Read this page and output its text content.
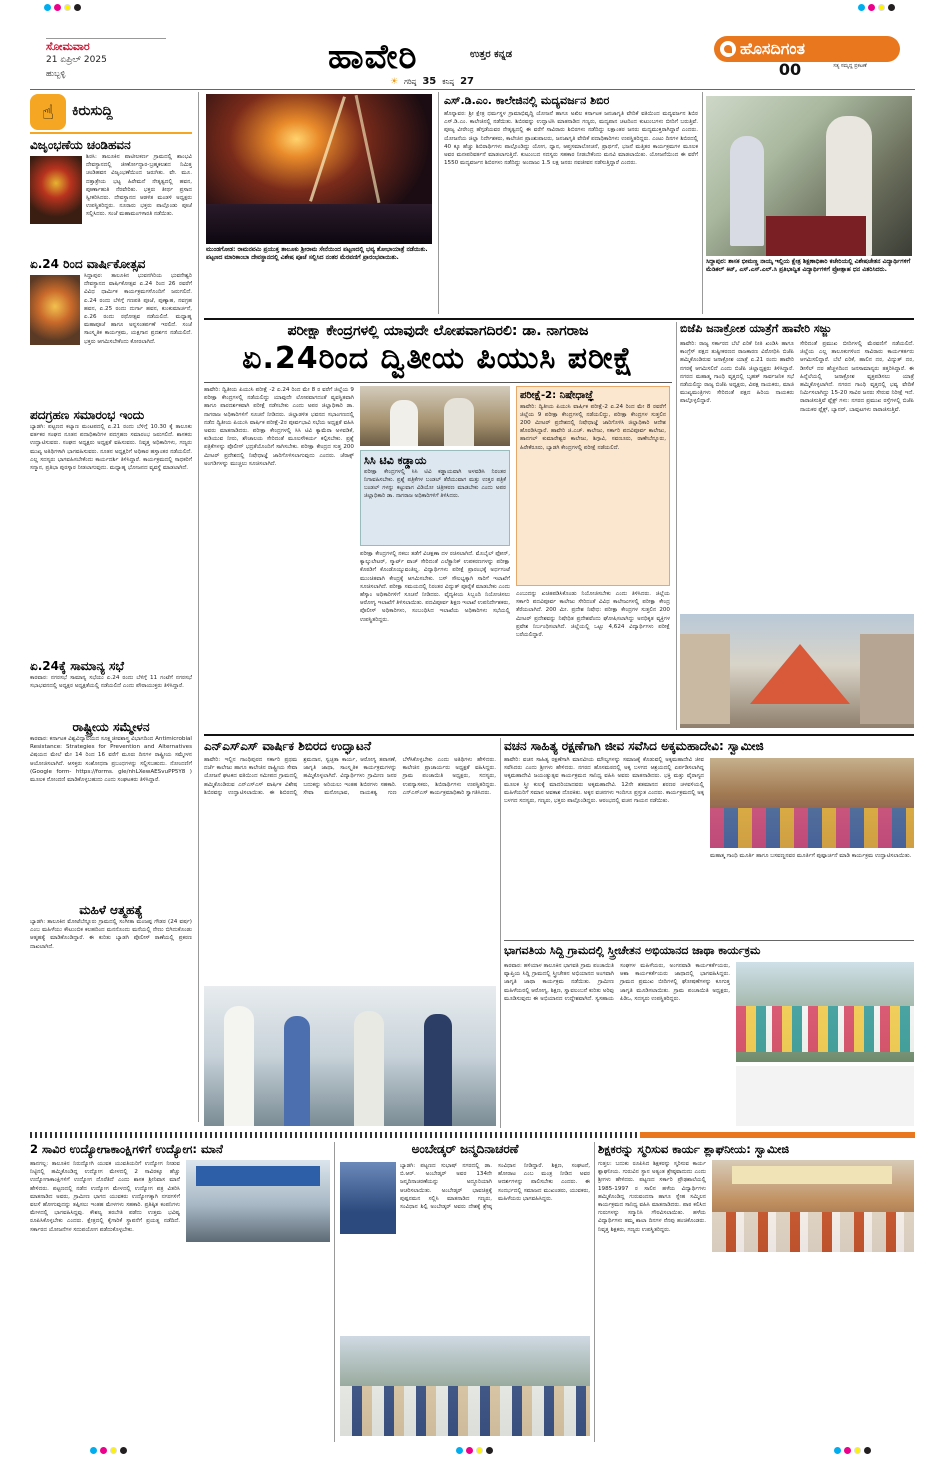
ಸೋಮವಾರ
21 ಏಪ್ರಿಲ್ 2025
ಹುಬ್ಬಳ್ಳಿ	ಹಾವೇರಿ	ಉತ್ತರ ಕನ್ನಡ
☀ ಗರಿಷ್ಠ 35 ಕನಿಷ್ಠ 27
ಹೊಸದಿಗಂತ
ಸತ್ಯ ಸಮೃದ್ಧ ಪ್ರಕಟಣೆ
00
☝	ಕಿರುಸುದ್ದಿ
ವಿಜೃಂಭಣೆಯ ಚಂಡಿಹವನ
ಶಿರಸಿ: ತಾಲೂಕಿನ ಪಾಟೀಲಕರ್ಣ ಗ್ರಾಮದಲ್ಲಿ ಶಾಂಭವಿ ದೇವಸ್ಥಾನದಲ್ಲಿ ಜೀರ್ಣೋದ್ಧಾರ-ಬ್ರಹ್ಮಕಲಶದ ನಿಮಿತ್ತ ಚಂಡಿಹವನ ವಿಜೃಂಭಣೆಯಿಂದ ಜರುಗಿತು. ವೇ. ಮೂ. ದತ್ತಾತ್ರೇಯ ಭಟ್ಟ ಹಿರೇಮನೆ ನೇತೃತ್ವದಲ್ಲಿ ಹವನ, ಪೂರ್ಣಾಹುತಿ ನೆರವೇರಿತು. ಭಕ್ತರು ತೀರ್ಥ ಪ್ರಸಾದ ಸ್ವೀಕರಿಸಿದರು. ದೇವಸ್ಥಾನದ ಆಡಳಿತ ಮಂಡಳಿ ಅಧ್ಯಕ್ಷರು ಉಪಸ್ಥಿತರಿದ್ದರು. ನೂರಾರು ಭಕ್ತರು ಪಾಲ್ಗೊಂಡು ಪೂಜೆ ಸಲ್ಲಿಸಿದರು. ಸಂಜೆ ಮಹಾಮಂಗಳಾರತಿ ನಡೆಯಿತು.
ಏ.24 ರಿಂದ ವಾರ್ಷಿಕೋತ್ಸವ
ಸಿದ್ದಾಪುರ: ತಾಲೂಕಿನ ಭುವನಗಿರಿಯ ಭುವನೇಶ್ವರಿ ದೇವಸ್ಥಾನದ ವಾರ್ಷಿಕೋತ್ಸವ ಏ.24 ರಿಂದ 26 ರವರೆಗೆ ವಿವಿಧ ಧಾರ್ಮಿಕ ಕಾರ್ಯಕ್ರಮಗಳೊಂದಿಗೆ ಜರುಗಲಿದೆ. ಏ.24 ರಂದು ಬೆಳಿಗ್ಗೆ ಗಣಪತಿ ಪೂಜೆ, ಪುಣ್ಯಾಹ, ನವಗ್ರಹ ಹವನ, ಏ.25 ರಂದು ದುರ್ಗಾ ಹವನ, ಕುಂಕುಮಾರ್ಚನೆ, ಏ.26 ರಂದು ರಥೋತ್ಸವ ನಡೆಯಲಿದೆ. ಮಧ್ಯಾಹ್ನ ಮಹಾಪೂಜೆ ಹಾಗೂ ಅನ್ನಸಂತರ್ಪಣೆ ಇರಲಿದೆ. ಸಂಜೆ ಸಾಂಸ್ಕೃತಿಕ ಕಾರ್ಯಕ್ರಮ, ಯಕ್ಷಗಾನ ಪ್ರದರ್ಶನ ನಡೆಯಲಿದೆ. ಭಕ್ತರು ಆಗಮಿಸಬೇಕೆಂದು ಕೋರಲಾಗಿದೆ.
ಪದಗ್ರಹಣ ಸಮಾರಂಭ ಇಂದು
ಬ್ಯಾಡಗಿ: ಪಟ್ಟಣದ ಕಲ್ಯಾಣ ಮಂಟಪದಲ್ಲಿ ಏ.21 ರಂದು ಬೆಳಿಗ್ಗೆ 10.30 ಕ್ಕೆ ತಾಲೂಕು ವರ್ತಕರ ಸಂಘದ ನೂತನ ಪದಾಧಿಕಾರಿಗಳ ಪದಗ್ರಹಣ ಸಮಾರಂಭ ಜರುಗಲಿದೆ. ಶಾಸಕರು ಉದ್ಘಾಟಿಸುವರು. ಸಂಘದ ಅಧ್ಯಕ್ಷರು ಅಧ್ಯಕ್ಷತೆ ವಹಿಸುವರು. ನಿವೃತ್ತ ಅಧಿಕಾರಿಗಳು, ಗಣ್ಯರು ಮುಖ್ಯ ಅತಿಥಿಗಳಾಗಿ ಭಾಗವಹಿಸುವರು. ನೂತನ ಅಧ್ಯಕ್ಷರಿಗೆ ಅಧಿಕಾರ ಹಸ್ತಾಂತರ ನಡೆಯಲಿದೆ. ಎಲ್ಲ ಸದಸ್ಯರು ಭಾಗವಹಿಸಬೇಕೆಂದು ಕಾರ್ಯದರ್ಶಿ ತಿಳಿಸಿದ್ದಾರೆ. ಕಾರ್ಯಕ್ರಮದಲ್ಲಿ ಸಾಧಕರಿಗೆ ಸನ್ಮಾನ, ಪ್ರತಿಭಾ ಪುರಸ್ಕಾರ ನೀಡಲಾಗುವುದು. ಮಧ್ಯಾಹ್ನ ಭೋಜನದ ವ್ಯವಸ್ಥೆ ಮಾಡಲಾಗಿದೆ.
ಏ.24ಕ್ಕೆ ಸಾಮಾನ್ಯ ಸಭೆ
ಕಾರವಾರ: ನಗರಸಭೆ ಸಾಮಾನ್ಯ ಸಭೆಯು ಏ.24 ರಂದು ಬೆಳಿಗ್ಗೆ 11 ಗಂಟೆಗೆ ನಗರಸಭೆ ಸಭಾಭವನದಲ್ಲಿ ಅಧ್ಯಕ್ಷರ ಅಧ್ಯಕ್ಷತೆಯಲ್ಲಿ ನಡೆಯಲಿದೆ ಎಂದು ಪೌರಾಯುಕ್ತರು ತಿಳಿಸಿದ್ದಾರೆ.
ರಾಷ್ಟ್ರೀಯ ಸಮ್ಮೇಳನ
ಕಾರವಾರ: ಕರ್ನಾಟಕ ವಿಶ್ವವಿದ್ಯಾಲಯದ ಸೂಕ್ಷ್ಮಜೀವಶಾಸ್ತ್ರ ವಿಭಾಗದಿಂದ Antimicrobial Resistance: Strategies for Prevention and Alternatives ವಿಷಯದ ಮೇಲೆ ಮೇ 14 ರಿಂದ 16 ವರೆಗೆ ಮೂರು ದಿನಗಳ ರಾಷ್ಟ್ರೀಯ ಸಮ್ಮೇಳನ ಆಯೋಜಿಸಲಾಗಿದೆ. ಆಸಕ್ತರು ಸಂಶೋಧನಾ ಪ್ರಬಂಧಗಳನ್ನು ಸಲ್ಲಿಸಬಹುದು. ನೋಂದಣಿಗೆ (Google form- https://forms. gle/nhLXewAESvuPP5Y8 ) ಮೂಲಕ ನೋಂದಣಿ ಮಾಡಿಕೊಳ್ಳಬಹುದು ಎಂದು ಸಂಘಟಕರು ತಿಳಿಸಿದ್ದಾರೆ.
ಮಹಿಳೆ ಆತ್ಮಹತ್ಯೆ
ಬ್ಯಾಡಗಿ: ತಾಲೂಕಿನ ಮೋಟೆಬೆನ್ನೂರು ಗ್ರಾಮದಲ್ಲಿ ಸಂಗೀತಾ ಮಂಜಪ್ಪ ಗೌಡರ (24 ವರ್ಷ) ಎಂಬ ಮಹಿಳೆಯು ಕೌಟುಂಬಿಕ ಕಲಹದಿಂದ ಮನನೊಂದು ಮನೆಯಲ್ಲಿ ನೇಣು ಬಿಗಿದುಕೊಂಡು ಆತ್ಮಹತ್ಯೆ ಮಾಡಿಕೊಂಡಿದ್ದಾರೆ. ಈ ಕುರಿತು ಬ್ಯಾಡಗಿ ಪೊಲೀಸ್ ಠಾಣೆಯಲ್ಲಿ ಪ್ರಕರಣ ದಾಖಲಾಗಿದೆ.
ಮುಂಡಗೋಡ: ರಾಮನವಮಿ ಪ್ರಯುಕ್ತ ತಾಲೂಕು ಶ್ರೀರಾಮ ಸೇನೆಯಿಂದ ಪಟ್ಟಣದಲ್ಲಿ ಭವ್ಯ ಶೋಭಾಯಾತ್ರೆ ನಡೆಯಿತು. ಪಟ್ಟಣದ ಮಾರಿಕಾಂಬಾ ದೇವಸ್ಥಾನದಲ್ಲಿ ವಿಶೇಷ ಪೂಜೆ ಸಲ್ಲಿಸಿದ ನಂತರ ಮೆರವಣಿಗೆ ಪ್ರಾರಂಭವಾಯಿತು.
ಎಸ್.ಡಿ.ಎಂ. ಕಾಲೇಜಿನಲ್ಲಿ ಮದ್ಯವರ್ಜನ ಶಿಬಿರ
ಹೊನ್ನಾವರ: ಶ್ರೀ ಕ್ಷೇತ್ರ ಧರ್ಮಸ್ಥಳ ಗ್ರಾಮಾಭಿವೃದ್ಧಿ ಯೋಜನೆ ಹಾಗೂ ಅಖಿಲ ಕರ್ನಾಟಕ ಜನಜಾಗೃತಿ ವೇದಿಕೆ ವತಿಯಿಂದ ಮದ್ಯವರ್ಜನ ಶಿಬಿರ ಎಸ್.ಡಿ.ಎಂ. ಕಾಲೇಜಿನಲ್ಲಿ ನಡೆಯಿತು. ಶಿಬಿರವನ್ನು ಉದ್ಘಾಟಿಸಿ ಮಾತನಾಡಿದ ಗಣ್ಯರು, ಮದ್ಯಪಾನ ಚಟದಿಂದ ಕುಟುಂಬಗಳು ಬೀದಿಗೆ ಬರುತ್ತಿವೆ. ಪೂಜ್ಯ ವೀರೇಂದ್ರ ಹೆಗ್ಗಡೆಯವರ ನೇತೃತ್ವದಲ್ಲಿ ಈ ವರೆಗೆ ಸಾವಿರಾರು ಶಿಬಿರಗಳು ನಡೆದಿದ್ದು ಲಕ್ಷಾಂತರ ಜನರು ಮದ್ಯಮುಕ್ತರಾಗಿದ್ದಾರೆ ಎಂದರು. ಯೋಜನೆಯ ಜಿಲ್ಲಾ ನಿರ್ದೇಶಕರು, ಕಾಲೇಜಿನ ಪ್ರಾಂಶುಪಾಲರು, ಜನಜಾಗೃತಿ ವೇದಿಕೆ ಪದಾಧಿಕಾರಿಗಳು ಉಪಸ್ಥಿತರಿದ್ದರು. ಎಂಟು ದಿನಗಳ ಶಿಬಿರದಲ್ಲಿ 40 ಕ್ಕೂ ಹೆಚ್ಚು ಶಿಬಿರಾರ್ಥಿಗಳು ಪಾಲ್ಗೊಂಡಿದ್ದು ಯೋಗ, ಧ್ಯಾನ, ಆಪ್ತಸಮಾಲೋಚನೆ, ಪ್ರಾರ್ಥನೆ, ಭಜನೆ ಮತ್ತಿತರ ಕಾರ್ಯಕ್ರಮಗಳ ಮೂಲಕ ಅವರ ಮನಃಪರಿವರ್ತನೆ ಮಾಡಲಾಗುತ್ತಿದೆ. ಕುಟುಂಬದ ಸದಸ್ಯರು ಸಹಕಾರ ನೀಡಬೇಕೆಂದು ಮನವಿ ಮಾಡಲಾಯಿತು. ಯೋಜನೆಯಿಂದ ಈ ವರೆಗೆ 1550 ಮದ್ಯವರ್ಜನ ಶಿಬಿರಗಳು ನಡೆದಿದ್ದು ಅಂದಾಜು 1.5 ಲಕ್ಷ ಜನರು ನವಜೀವನ ನಡೆಸುತ್ತಿದ್ದಾರೆ ಎಂದರು.
ಸಿದ್ದಾಪುರ: ಶಾಸಕ ಭೀಮಣ್ಣ ನಾಯ್ಕ ಇಲ್ಲಿಯ ಕ್ಷೇತ್ರ ಶಿಕ್ಷಣಾಧಿಕಾರಿ ಕಚೇರಿಯಲ್ಲಿ ವಿಶೇಷಚೇತನ ವಿದ್ಯಾರ್ಥಿಗಳಿಗೆ ಮೆಡಿಕಲ್ ಕಿಟ್, ಎಸ್.ಎಸ್.ಎಲ್.ಸಿ ಪ್ರತಿಭಾನ್ವಿತ ವಿದ್ಯಾರ್ಥಿಗಳಿಗೆ ಪ್ರೋತ್ಸಾಹ ಧನ ವಿತರಿಸಿದರು.
ಪರೀಕ್ಷಾ ಕೇಂದ್ರಗಳಲ್ಲಿ ಯಾವುದೇ ಲೋಪವಾಗದಿರಲಿ: ಡಾ. ನಾಗರಾಜ
ಏ.24ರಿಂದ ದ್ವಿತೀಯ ಪಿಯುಸಿ ಪರೀಕ್ಷೆ
ಹಾವೇರಿ: ದ್ವಿತೀಯ ಪಿಯುಸಿ ಪರೀಕ್ಷೆ -2 ಏ.24 ರಿಂದ ಮೇ 8 ರ ವರೆಗೆ ಜಿಲ್ಲೆಯ 9 ಪರೀಕ್ಷಾ ಕೇಂದ್ರಗಳಲ್ಲಿ ನಡೆಯಲಿದ್ದು ಯಾವುದೇ ಲೋಪವಾಗದಂತೆ ವ್ಯವಸ್ಥಿತವಾಗಿ ಹಾಗೂ ಪಾರದರ್ಶಕವಾಗಿ ಪರೀಕ್ಷೆ ನಡೆಸಬೇಕು ಎಂದು ಅಪರ ಜಿಲ್ಲಾಧಿಕಾರಿ ಡಾ. ನಾಗರಾಜ ಅಧಿಕಾರಿಗಳಿಗೆ ಸೂಚನೆ ನೀಡಿದರು. ಜಿಲ್ಲಾಡಳಿತ ಭವನದ ಸಭಾಂಗಣದಲ್ಲಿ ನಡೆದ ದ್ವಿತೀಯ ಪಿಯುಸಿ ವಾರ್ಷಿಕ ಪರೀಕ್ಷೆ-2ರ ಪೂರ್ವಭಾವಿ ಸಭೆಯ ಅಧ್ಯಕ್ಷತೆ ವಹಿಸಿ ಅವರು ಮಾತನಾಡಿದರು. ಪರೀಕ್ಷಾ ಕೇಂದ್ರಗಳಲ್ಲಿ ಸಿಸಿ ಟಿವಿ ಕ್ಯಾಮೆರಾ ಅಳವಡಿಕೆ, ಕುಡಿಯುವ ನೀರು, ಶೌಚಾಲಯ ಸೇರಿದಂತೆ ಮೂಲಸೌಕರ್ಯ ಕಲ್ಪಿಸಬೇಕು. ಪ್ರಶ್ನೆ ಪತ್ರಿಕೆಗಳನ್ನು ಪೊಲೀಸ್ ಭದ್ರತೆಯೊಂದಿಗೆ ಸಾಗಿಸಬೇಕು. ಪರೀಕ್ಷಾ ಕೇಂದ್ರದ ಸುತ್ತ 200 ಮೀಟರ್ ಪ್ರದೇಶದಲ್ಲಿ ನಿಷೇಧಾಜ್ಞೆ ಜಾರಿಗೊಳಿಸಲಾಗುವುದು ಎಂದರು. ಜೆರಾಕ್ಸ್ ಅಂಗಡಿಗಳನ್ನು ಮುಚ್ಚಲು ಸೂಚಿಸಲಾಗಿದೆ.	ಸಿಸಿ ಟಿವಿ ಕಡ್ಡಾಯ
ಪರೀಕ್ಷಾ ಕೇಂದ್ರಗಳಲ್ಲಿ ಸಿಸಿ ಟಿವಿ ಕಡ್ಡಾಯವಾಗಿ ಅಳವಡಿಸಿ ನಿರಂತರ ನಿಗಾವಹಿಸಬೇಕು. ಪ್ರಶ್ನೆ ಪತ್ರಿಕೆಗಳ ಬಂಡಲ್ ತೆರೆಯುವಾಗ ಮತ್ತು ಉತ್ತರ ಪತ್ರಿಕೆ ಬಂಡಲ್ ಗಳನ್ನು ಕಟ್ಟುವಾಗ ವಿಡಿಯೋ ಚಿತ್ರೀಕರಣ ಮಾಡಬೇಕು ಎಂದು ಅಪರ ಜಿಲ್ಲಾಧಿಕಾರಿ ಡಾ. ನಾಗರಾಜ ಅಧಿಕಾರಿಗಳಿಗೆ ತಿಳಿಸಿದರು.
ಪರೀಕ್ಷಾ ಕೇಂದ್ರಗಳಲ್ಲಿ ನಕಲು ತಡೆಗೆ ವಿಚಕ್ಷಣಾ ದಳ ರಚಿಸಲಾಗಿದೆ. ಮೊಬೈಲ್ ಫೋನ್, ಕ್ಯಾಲ್ಕುಲೇಟರ್, ಸ್ಮಾರ್ಟ್ ವಾಚ್ ಸೇರಿದಂತೆ ಎಲೆಕ್ಟ್ರಾನಿಕ್ ಉಪಕರಣಗಳನ್ನು ಪರೀಕ್ಷಾ ಕೊಠಡಿಗೆ ಕೊಂಡೊಯ್ಯುವಂತಿಲ್ಲ. ವಿದ್ಯಾರ್ಥಿಗಳು ಪರೀಕ್ಷೆ ಪ್ರಾರಂಭಕ್ಕೆ ಅರ್ಧಗಂಟೆ ಮುಂಚಿತವಾಗಿ ಕೇಂದ್ರಕ್ಕೆ ಆಗಮಿಸಬೇಕು. ಬಸ್ ಸೌಲಭ್ಯಕ್ಕಾಗಿ ಸಾರಿಗೆ ಇಲಾಖೆಗೆ ಸೂಚಿಸಲಾಗಿದೆ. ಪರೀಕ್ಷಾ ಸಮಯದಲ್ಲಿ ನಿರಂತರ ವಿದ್ಯುತ್ ಪೂರೈಕೆ ಮಾಡಬೇಕು ಎಂದು ಹೆಸ್ಕಾಂ ಅಧಿಕಾರಿಗಳಿಗೆ ಸೂಚನೆ ನೀಡಿದರು. ವೈದ್ಯಕೀಯ ಸಿಬ್ಬಂದಿ ನಿಯೋಜಿಸಲು ಆರೋಗ್ಯ ಇಲಾಖೆಗೆ ತಿಳಿಸಲಾಯಿತು. ಪದವಿಪೂರ್ವ ಶಿಕ್ಷಣ ಇಲಾಖೆ ಉಪನಿರ್ದೇಶಕರು, ಪೊಲೀಸ್ ಅಧಿಕಾರಿಗಳು, ಸಂಬಂಧಿಸಿದ ಇಲಾಖೆಯ ಅಧಿಕಾರಿಗಳು ಸಭೆಯಲ್ಲಿ ಉಪಸ್ಥಿತರಿದ್ದರು.
ಪರೀಕ್ಷೆ-2: ನಿಷೇಧಾಜ್ಞೆ
ಹಾವೇರಿ: ದ್ವಿತೀಯ ಪಿಯುಸಿ ವಾರ್ಷಿಕ ಪರೀಕ್ಷೆ-2 ಏ.24 ರಿಂದ ಮೇ 8 ರವರೆಗೆ ಜಿಲ್ಲೆಯ 9 ಪರೀಕ್ಷಾ ಕೇಂದ್ರಗಳಲ್ಲಿ ನಡೆಯಲಿದ್ದು, ಪರೀಕ್ಷಾ ಕೇಂದ್ರಗಳ ಸುತ್ತಲಿನ 200 ಮೀಟರ್ ಪ್ರದೇಶದಲ್ಲಿ ನಿಷೇಧಾಜ್ಞೆ ಜಾರಿಗೊಳಿಸಿ ಜಿಲ್ಲಾಧಿಕಾರಿ ಆದೇಶ ಹೊರಡಿಸಿದ್ದಾರೆ. ಹಾವೇರಿ ಜಿ.ಎಚ್. ಕಾಲೇಜು, ಸರ್ಕಾರಿ ಪದವಿಪೂರ್ವ ಕಾಲೇಜು, ಹಾನಗಲ್ ಕುಮಾರೇಶ್ವರ ಕಾಲೇಜು, ಶಿಗ್ಗಾವಿ, ಸವಣೂರು, ರಾಣೇಬೆನ್ನೂರು, ಹಿರೇಕೆರೂರು, ಬ್ಯಾಡಗಿ ಕೇಂದ್ರಗಳಲ್ಲಿ ಪರೀಕ್ಷೆ ನಡೆಯಲಿದೆ.
ಎಂಬುದನ್ನು ಖಚಿತಪಡಿಸಿಕೊಂಡು ನಿಯೋಜಿಸಬೇಕು ಎಂದು ತಿಳಿಸಿದರು. ಜಿಲ್ಲೆಯ ಸರ್ಕಾರಿ ಪದವಿಪೂರ್ವ ಕಾಲೇಜು ಸೇರಿದಂತೆ ವಿವಿಧ ಕಾಲೇಜುಗಳಲ್ಲಿ ಪರೀಕ್ಷಾ ಕೇಂದ್ರ ತೆರೆಯಲಾಗಿದೆ. 200 ಮೀ. ಪ್ರದೇಶ ನಿಷೇಧ: ಪರೀಕ್ಷಾ ಕೇಂದ್ರಗಳ ಸುತ್ತಲಿನ 200 ಮೀಟರ್ ಪ್ರದೇಶವನ್ನು ನಿಷೇಧಿತ ಪ್ರದೇಶವೆಂದು ಘೋಷಿಸಲಾಗಿದ್ದು ಅನಧಿಕೃತ ವ್ಯಕ್ತಿಗಳ ಪ್ರವೇಶ ನಿರ್ಬಂಧಿಸಲಾಗಿದೆ. ಜಿಲ್ಲೆಯಲ್ಲಿ ಒಟ್ಟು 4,624 ವಿದ್ಯಾರ್ಥಿಗಳು ಪರೀಕ್ಷೆ ಬರೆಯಲಿದ್ದಾರೆ.
ಬಿಜೆಪಿ ಜನಾಕ್ರೋಶ ಯಾತ್ರೆಗೆ ಹಾವೇರಿ ಸಜ್ಜು
ಹಾವೇರಿ: ರಾಜ್ಯ ಸರ್ಕಾರದ ಬೆಲೆ ಏರಿಕೆ ನೀತಿ ಖಂಡಿಸಿ ಹಾಗೂ ಕಾಂಗ್ರೆಸ್ ಪಕ್ಷದ ತುಷ್ಟೀಕರಣದ ರಾಜಕಾರಣ ವಿರೋಧಿಸಿ ಬಿಜೆಪಿ ಹಮ್ಮಿಕೊಂಡಿರುವ ಜನಾಕ್ರೋಶ ಯಾತ್ರೆ ಏ.21 ರಂದು ಹಾವೇರಿ ನಗರಕ್ಕೆ ಆಗಮಿಸಲಿದೆ ಎಂದು ಬಿಜೆಪಿ ಜಿಲ್ಲಾಧ್ಯಕ್ಷರು ತಿಳಿಸಿದ್ದಾರೆ. ನಗರದ ಮಹಾತ್ಮ ಗಾಂಧಿ ವೃತ್ತದಲ್ಲಿ ಬೃಹತ್ ಸಾರ್ವಜನಿಕ ಸಭೆ ನಡೆಯಲಿದ್ದು ರಾಜ್ಯ ಬಿಜೆಪಿ ಅಧ್ಯಕ್ಷರು, ವಿಪಕ್ಷ ನಾಯಕರು, ಮಾಜಿ ಮುಖ್ಯಮಂತ್ರಿಗಳು ಸೇರಿದಂತೆ ಪಕ್ಷದ ಹಿರಿಯ ನಾಯಕರು ಪಾಲ್ಗೊಳ್ಳಲಿದ್ದಾರೆ.
ಸೇರಿದಂತೆ ಪ್ರಮುಖ ಬೀದಿಗಳಲ್ಲಿ ಮೆರವಣಿಗೆ ನಡೆಯಲಿದೆ. ಜಿಲ್ಲೆಯ ಎಲ್ಲ ತಾಲೂಕುಗಳಿಂದ ಸಾವಿರಾರು ಕಾರ್ಯಕರ್ತರು ಆಗಮಿಸಲಿದ್ದಾರೆ. ಬೆಲೆ ಏರಿಕೆ, ಹಾಲಿನ ದರ, ವಿದ್ಯುತ್ ದರ, ಡೀಸೆಲ್ ದರ ಹೆಚ್ಚಳದಿಂದ ಜನಸಾಮಾನ್ಯರು ತತ್ತರಿಸಿದ್ದಾರೆ. ಈ ಹಿನ್ನೆಲೆಯಲ್ಲಿ ಜನಾಕ್ರೋಶ ವ್ಯಕ್ತಪಡಿಸಲು ಯಾತ್ರೆ ಹಮ್ಮಿಕೊಳ್ಳಲಾಗಿದೆ. ನಗರದ ಗಾಂಧಿ ವೃತ್ತದಲ್ಲಿ ಭವ್ಯ ವೇದಿಕೆ ನಿರ್ಮಿಸಲಾಗಿದ್ದು 15-20 ಸಾವಿರ ಜನರು ಸೇರುವ ನಿರೀಕ್ಷೆ ಇದೆ. ರಾರಾಜಿಸುತ್ತಿವೆ ಫ್ಲೆಕ್ಸ್ ಗಳು: ನಗರದ ಪ್ರಮುಖ ರಸ್ತೆಗಳಲ್ಲಿ ಬಿಜೆಪಿ ನಾಯಕರ ಫ್ಲೆಕ್ಸ್, ಬ್ಯಾನರ್, ಬಾವುಟಗಳು ರಾರಾಜಿಸುತ್ತಿವೆ.
ಎನ್ಎಸ್ಎಸ್ ವಾರ್ಷಿಕ ಶಿಬಿರದ ಉದ್ಘಾಟನೆ
ಹಾವೇರಿ: ಇಲ್ಲಿನ ಗಾಂಧಿಪುರದ ಸರ್ಕಾರಿ ಪ್ರಥಮ ದರ್ಜೆ ಕಾಲೇಜು ಹಾಗೂ ಕಾಲೇಜಿನ ರಾಷ್ಟ್ರೀಯ ಸೇವಾ ಯೋಜನೆ ಘಟಕದ ವತಿಯಿಂದ ಸಮೀಪದ ಗ್ರಾಮದಲ್ಲಿ ಹಮ್ಮಿಕೊಂಡಿರುವ ಎನ್ಎಸ್ಎಸ್ ವಾರ್ಷಿಕ ವಿಶೇಷ ಶಿಬಿರವನ್ನು ಉದ್ಘಾಟಿಸಲಾಯಿತು. ಈ ಶಿಬಿರದಲ್ಲಿ ಶ್ರಮದಾನ, ಸ್ವಚ್ಛತಾ ಕಾರ್ಯ, ಆರೋಗ್ಯ ತಪಾಸಣೆ, ಜಾಗೃತಿ ಜಾಥಾ, ಸಾಂಸ್ಕೃತಿಕ ಕಾರ್ಯಕ್ರಮಗಳನ್ನು ಹಮ್ಮಿಕೊಳ್ಳಲಾಗಿದೆ. ವಿದ್ಯಾರ್ಥಿಗಳು ಗ್ರಾಮೀಣ ಜನರ ಬದುಕನ್ನು ಅರಿಯಲು ಇಂತಹ ಶಿಬಿರಗಳು ಸಹಕಾರಿ. ಸೇವಾ ಮನೋಭಾವ, ನಾಯಕತ್ವ ಗುಣ ಬೆಳೆಸಿಕೊಳ್ಳಬೇಕು ಎಂದು ಅತಿಥಿಗಳು ಹೇಳಿದರು. ಕಾಲೇಜಿನ ಪ್ರಾಚಾರ್ಯರು ಅಧ್ಯಕ್ಷತೆ ವಹಿಸಿದ್ದರು. ಗ್ರಾಮ ಪಂಚಾಯಿತಿ ಅಧ್ಯಕ್ಷರು, ಸದಸ್ಯರು, ಉಪನ್ಯಾಸಕರು, ಶಿಬಿರಾರ್ಥಿಗಳು ಉಪಸ್ಥಿತರಿದ್ದರು. ಎನ್ಎಸ್ಎಸ್ ಕಾರ್ಯಕ್ರಮಾಧಿಕಾರಿ ಸ್ವಾಗತಿಸಿದರು.
ವಚನ ಸಾಹಿತ್ಯ ರಕ್ಷಣೆಗಾಗಿ ಜೀವ ಸವೆಸಿದ ಅಕ್ಕಮಹಾದೇವಿ: ಸ್ವಾಮೀಜಿ
ಹಾವೇರಿ: ವಚನ ಸಾಹಿತ್ಯ ರಕ್ಷಣೆಗಾಗಿ ಮಾನವೀಯ ಮೌಲ್ಯಗಳನ್ನು ಸಮಾಜಕ್ಕೆ ಕೊಡುವಲ್ಲಿ ಅಕ್ಕಮಹಾದೇವಿ ಜೀವ ಸವೆಸಿದರು ಎಂದು ಶ್ರೀಗಳು ಹೇಳಿದರು. ನಗರದ ಹೊಸಮಠದಲ್ಲಿ ಅಕ್ಕ ಬಳಗದ ಆಶ್ರಯದಲ್ಲಿ ಏರ್ಪಡಿಸಲಾಗಿದ್ದ ಅಕ್ಕಮಹಾದೇವಿ ಜಯಂತ್ಯುತ್ಸವ ಕಾರ್ಯಕ್ರಮದ ಸಾನಿಧ್ಯ ವಹಿಸಿ ಅವರು ಮಾತನಾಡಿದರು. ಭಕ್ತಿ ಮತ್ತು ವೈರಾಗ್ಯದ ಮೂಲಕ ಸ್ತ್ರೀ ಕುಲಕ್ಕೆ ಮಾದರಿಯಾದವರು ಅಕ್ಕಮಹಾದೇವಿ. 12ನೇ ಶತಮಾನದ ಶರಣರ ಚಳವಳಿಯಲ್ಲಿ ಮಹಿಳೆಯರಿಗೆ ಸಮಾನ ಅವಕಾಶ ದೊರಕಿತು. ಅಕ್ಕನ ವಚನಗಳು ಇಂದಿಗೂ ಪ್ರಸ್ತುತ ಎಂದರು. ಕಾರ್ಯಕ್ರಮದಲ್ಲಿ ಅಕ್ಕ ಬಳಗದ ಸದಸ್ಯರು, ಗಣ್ಯರು, ಭಕ್ತರು ಪಾಲ್ಗೊಂಡಿದ್ದರು. ಆರಂಭದಲ್ಲಿ ವಚನ ಗಾಯನ ನಡೆಯಿತು.
ಮಹಾತ್ಮ ಗಾಂಧಿ ಮೂರ್ತಿ ಹಾಗೂ ಬಸವಣ್ಣನವರ ಮೂರ್ತಿಗೆ ಪುಷ್ಪಾರ್ಚನೆ ಮಾಡಿ ಕಾರ್ಯಕ್ರಮ ಉದ್ಘಾಟಿಸಲಾಯಿತು.
ಭಾಗವತಿಯ ಸಿದ್ದಿ ಗ್ರಾಮದಲ್ಲಿ ಸ್ತ್ರೀಚೇತನ ಅಭಿಯಾನದ ಜಾಥಾ ಕಾರ್ಯಕ್ರಮ
ಕಾರವಾರ: ಹಳಿಯಾಳ ತಾಲೂಕಿನ ಭಾಗವತಿ ಗ್ರಾಮ ಪಂಚಾಯಿತಿ ವ್ಯಾಪ್ತಿಯ ಸಿದ್ದಿ ಗ್ರಾಮದಲ್ಲಿ ಸ್ತ್ರೀಚೇತನ ಅಭಿಯಾನದ ಅಂಗವಾಗಿ ಜಾಗೃತಿ ಜಾಥಾ ಕಾರ್ಯಕ್ರಮ ನಡೆಯಿತು. ಗ್ರಾಮೀಣ ಮಹಿಳೆಯರಲ್ಲಿ ಆರೋಗ್ಯ, ಶಿಕ್ಷಣ, ಸ್ವಾವಲಂಬನೆ ಕುರಿತು ಅರಿವು ಮೂಡಿಸುವುದು ಈ ಅಭಿಯಾನದ ಉದ್ದೇಶವಾಗಿದೆ. ಸ್ವಸಹಾಯ ಸಂಘಗಳ ಮಹಿಳೆಯರು, ಅಂಗನವಾಡಿ ಕಾರ್ಯಕರ್ತೆಯರು, ಆಶಾ ಕಾರ್ಯಕರ್ತೆಯರು ಜಾಥಾದಲ್ಲಿ ಭಾಗವಹಿಸಿದ್ದರು. ಗ್ರಾಮದ ಪ್ರಮುಖ ಬೀದಿಗಳಲ್ಲಿ ಘೋಷಣೆಗಳನ್ನು ಕೂಗುತ್ತ ಜಾಗೃತಿ ಮೂಡಿಸಲಾಯಿತು. ಗ್ರಾಮ ಪಂಚಾಯಿತಿ ಅಧ್ಯಕ್ಷರು, ಪಿಡಿಒ, ಸದಸ್ಯರು ಉಪಸ್ಥಿತರಿದ್ದರು.
2 ಸಾವಿರ ಉದ್ಯೋಗಾಕಾಂಕ್ಷಿಗಳಿಗೆ ಉದ್ಯೋಗ: ಮಾನೆ
ಹಾನಗಲ್ಲ: ತಾಲೂಕಿನ ನಿರುದ್ಯೋಗಿ ಯುವಕ ಯುವತಿಯರಿಗೆ ಉದ್ಯೋಗ ನೀಡುವ ನಿಟ್ಟಿನಲ್ಲಿ ಹಮ್ಮಿಕೊಂಡಿದ್ದ ಉದ್ಯೋಗ ಮೇಳದಲ್ಲಿ 2 ಸಾವಿರಕ್ಕೂ ಹೆಚ್ಚು ಉದ್ಯೋಗಾಕಾಂಕ್ಷಿಗಳಿಗೆ ಉದ್ಯೋಗ ದೊರೆತಿದೆ ಎಂದು ಶಾಸಕ ಶ್ರೀನಿವಾಸ ಮಾನೆ ಹೇಳಿದರು. ಪಟ್ಟಣದಲ್ಲಿ ನಡೆದ ಉದ್ಯೋಗ ಮೇಳದಲ್ಲಿ ಉದ್ಯೋಗ ಪತ್ರ ವಿತರಿಸಿ ಮಾತನಾಡಿದ ಅವರು, ಗ್ರಾಮೀಣ ಭಾಗದ ಯುವಕರು ಉದ್ಯೋಗಕ್ಕಾಗಿ ನಗರಗಳಿಗೆ ವಲಸೆ ಹೋಗುವುದನ್ನು ತಪ್ಪಿಸಲು ಇಂತಹ ಮೇಳಗಳು ಸಹಕಾರಿ. ಪ್ರತಿಷ್ಠಿತ ಕಂಪನಿಗಳು ಮೇಳದಲ್ಲಿ ಭಾಗವಹಿಸಿದ್ದವು. ಕೌಶಲ್ಯ ತರಬೇತಿ ಪಡೆದು ಉತ್ತಮ ಭವಿಷ್ಯ ರೂಪಿಸಿಕೊಳ್ಳಬೇಕು ಎಂದರು. ಕ್ಷೇತ್ರದಲ್ಲಿ ಕೈಗಾರಿಕೆ ಸ್ಥಾಪನೆಗೆ ಪ್ರಯತ್ನ ನಡೆದಿದೆ. ಸರ್ಕಾರದ ಯೋಜನೆಗಳ ಸದುಪಯೋಗ ಪಡೆದುಕೊಳ್ಳಬೇಕು.
ಅಂಬೇಡ್ಕರ್ ಜನ್ಮದಿನಾಚರಣೆ
ಬ್ಯಾಡಗಿ: ಪಟ್ಟಣದ ಸುಭಾಷ್ ನಗರದಲ್ಲಿ ಡಾ. ಬಿ.ಆರ್. ಅಂಬೇಡ್ಕರ್ ಅವರ 134ನೇ ಜನ್ಮದಿನಾಚರಣೆಯನ್ನು ಅದ್ಧೂರಿಯಾಗಿ ಆಚರಿಸಲಾಯಿತು. ಅಂಬೇಡ್ಕರ್ ಭಾವಚಿತ್ರಕ್ಕೆ ಪುಷ್ಪನಮನ ಸಲ್ಲಿಸಿ ಮಾತನಾಡಿದ ಗಣ್ಯರು, ಸಂವಿಧಾನ ಶಿಲ್ಪಿ ಅಂಬೇಡ್ಕರ್ ಅವರು ದೇಶಕ್ಕೆ ಶ್ರೇಷ್ಠ ಸಂವಿಧಾನ ನೀಡಿದ್ದಾರೆ. ಶಿಕ್ಷಣ, ಸಂಘಟನೆ, ಹೋರಾಟ ಎಂಬ ಮಂತ್ರ ನೀಡಿದ ಅವರ ಆದರ್ಶಗಳನ್ನು ಪಾಲಿಸಬೇಕು ಎಂದರು. ಈ ಸಂದರ್ಭದಲ್ಲಿ ಸಮಾಜದ ಮುಖಂಡರು, ಯುವಕರು, ಮಹಿಳೆಯರು ಭಾಗವಹಿಸಿದ್ದರು.
ಶಿಕ್ಷಕರನ್ನು ಸ್ಮರಿಸುವ ಕಾರ್ಯ ಶ್ಲಾಘನೀಯ: ಸ್ವಾಮೀಜಿ
ಗುತ್ತಲ: ಬದುಕು ರೂಪಿಸಿದ ಶಿಕ್ಷಕರನ್ನು ಸ್ಮರಿಸುವ ಕಾರ್ಯ ಶ್ಲಾಘನೀಯ. ಗುರುವಿನ ಸ್ಥಾನ ಅತ್ಯಂತ ಶ್ರೇಷ್ಠವಾದುದು ಎಂದು ಶ್ರೀಗಳು ಹೇಳಿದರು. ಪಟ್ಟಣದ ಸರ್ಕಾರಿ ಪ್ರೌಢಶಾಲೆಯಲ್ಲಿ 1985-1997 ರ ಸಾಲಿನ ಹಳೆಯ ವಿದ್ಯಾರ್ಥಿಗಳು ಹಮ್ಮಿಕೊಂಡಿದ್ದ ಗುರುವಂದನಾ ಹಾಗೂ ಸ್ನೇಹ ಸಮ್ಮಿಲನ ಕಾರ್ಯಕ್ರಮದ ಸಾನಿಧ್ಯ ವಹಿಸಿ ಮಾತನಾಡಿದರು. ಪಾಠ ಕಲಿಸಿದ ಗುರುಗಳನ್ನು ಸನ್ಮಾನಿಸಿ ಗೌರವಿಸಲಾಯಿತು. ಹಳೆಯ ವಿದ್ಯಾರ್ಥಿಗಳು ತಮ್ಮ ಶಾಲಾ ದಿನಗಳ ನೆನಪು ಹಂಚಿಕೊಂಡರು. ನಿವೃತ್ತ ಶಿಕ್ಷಕರು, ಗಣ್ಯರು ಉಪಸ್ಥಿತರಿದ್ದರು.
